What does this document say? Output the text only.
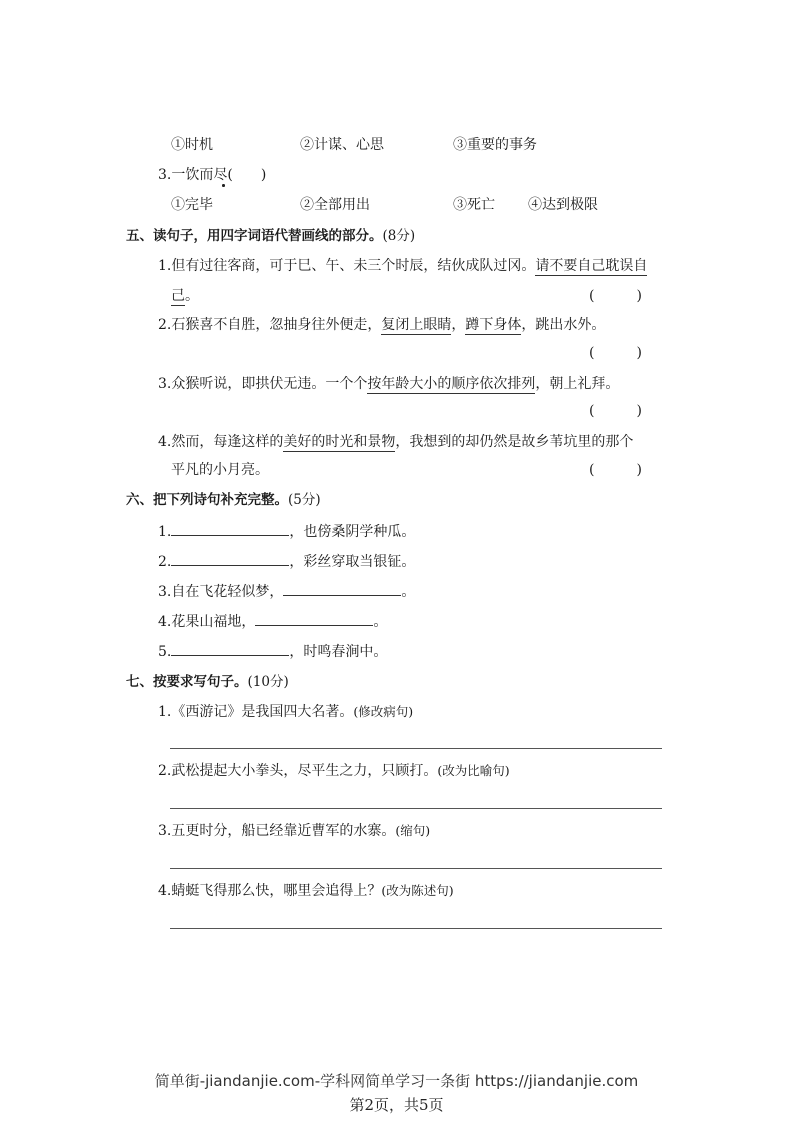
①时机	②计谋、心思	③重要的事务
3.一饮而尽(　　)
①完毕	②全部用出	③死亡 ④达到极限
五、读句子，用四字词语代替画线的部分。(8分)
1.但有过往客商，可于巳、午、未三个时辰，结伙成队过冈。请不要自己耽误自
己。	(　　　)
2.石猴喜不自胜，忽抽身往外便走，复闭上眼睛，蹲下身体，跳出水外。
(　　　)
3.众猴听说，即拱伏无违。一个个按年龄大小的顺序依次排列，朝上礼拜。
(　　　)
4.然而，每逢这样的美好的时光和景物，我想到的却仍然是故乡苇坑里的那个
平凡的小月亮。	(　　　)
六、把下列诗句补充完整。(5分)
1.	，也傍桑阴学种瓜。
2.	，彩丝穿取当银钲。
3.自在飞花轻似梦，	。
4.花果山福地，	。
5.	，时鸣春涧中。
七、按要求写句子。(10分)
1.《西游记》是我国四大名著。(修改病句)
2.武松提起大小拳头，尽平生之力，只顾打。(改为比喻句)
3.五更时分，船已经靠近曹军的水寨。(缩句)
4.蜻蜓飞得那么快，哪里会追得上？(改为陈述句)
简单街-jiandanjie.com-学科网简单学习一条街 https://jiandanjie.com
第2页，共5页
